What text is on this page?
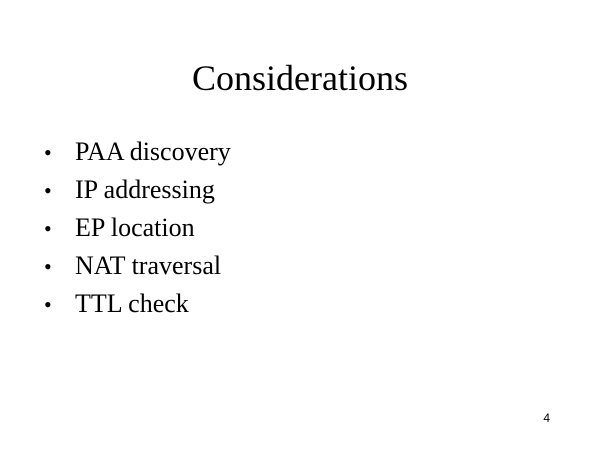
Considerations
• PAA discovery
• IP addressing
• EP location
• NAT traversal
• TTL check
4
